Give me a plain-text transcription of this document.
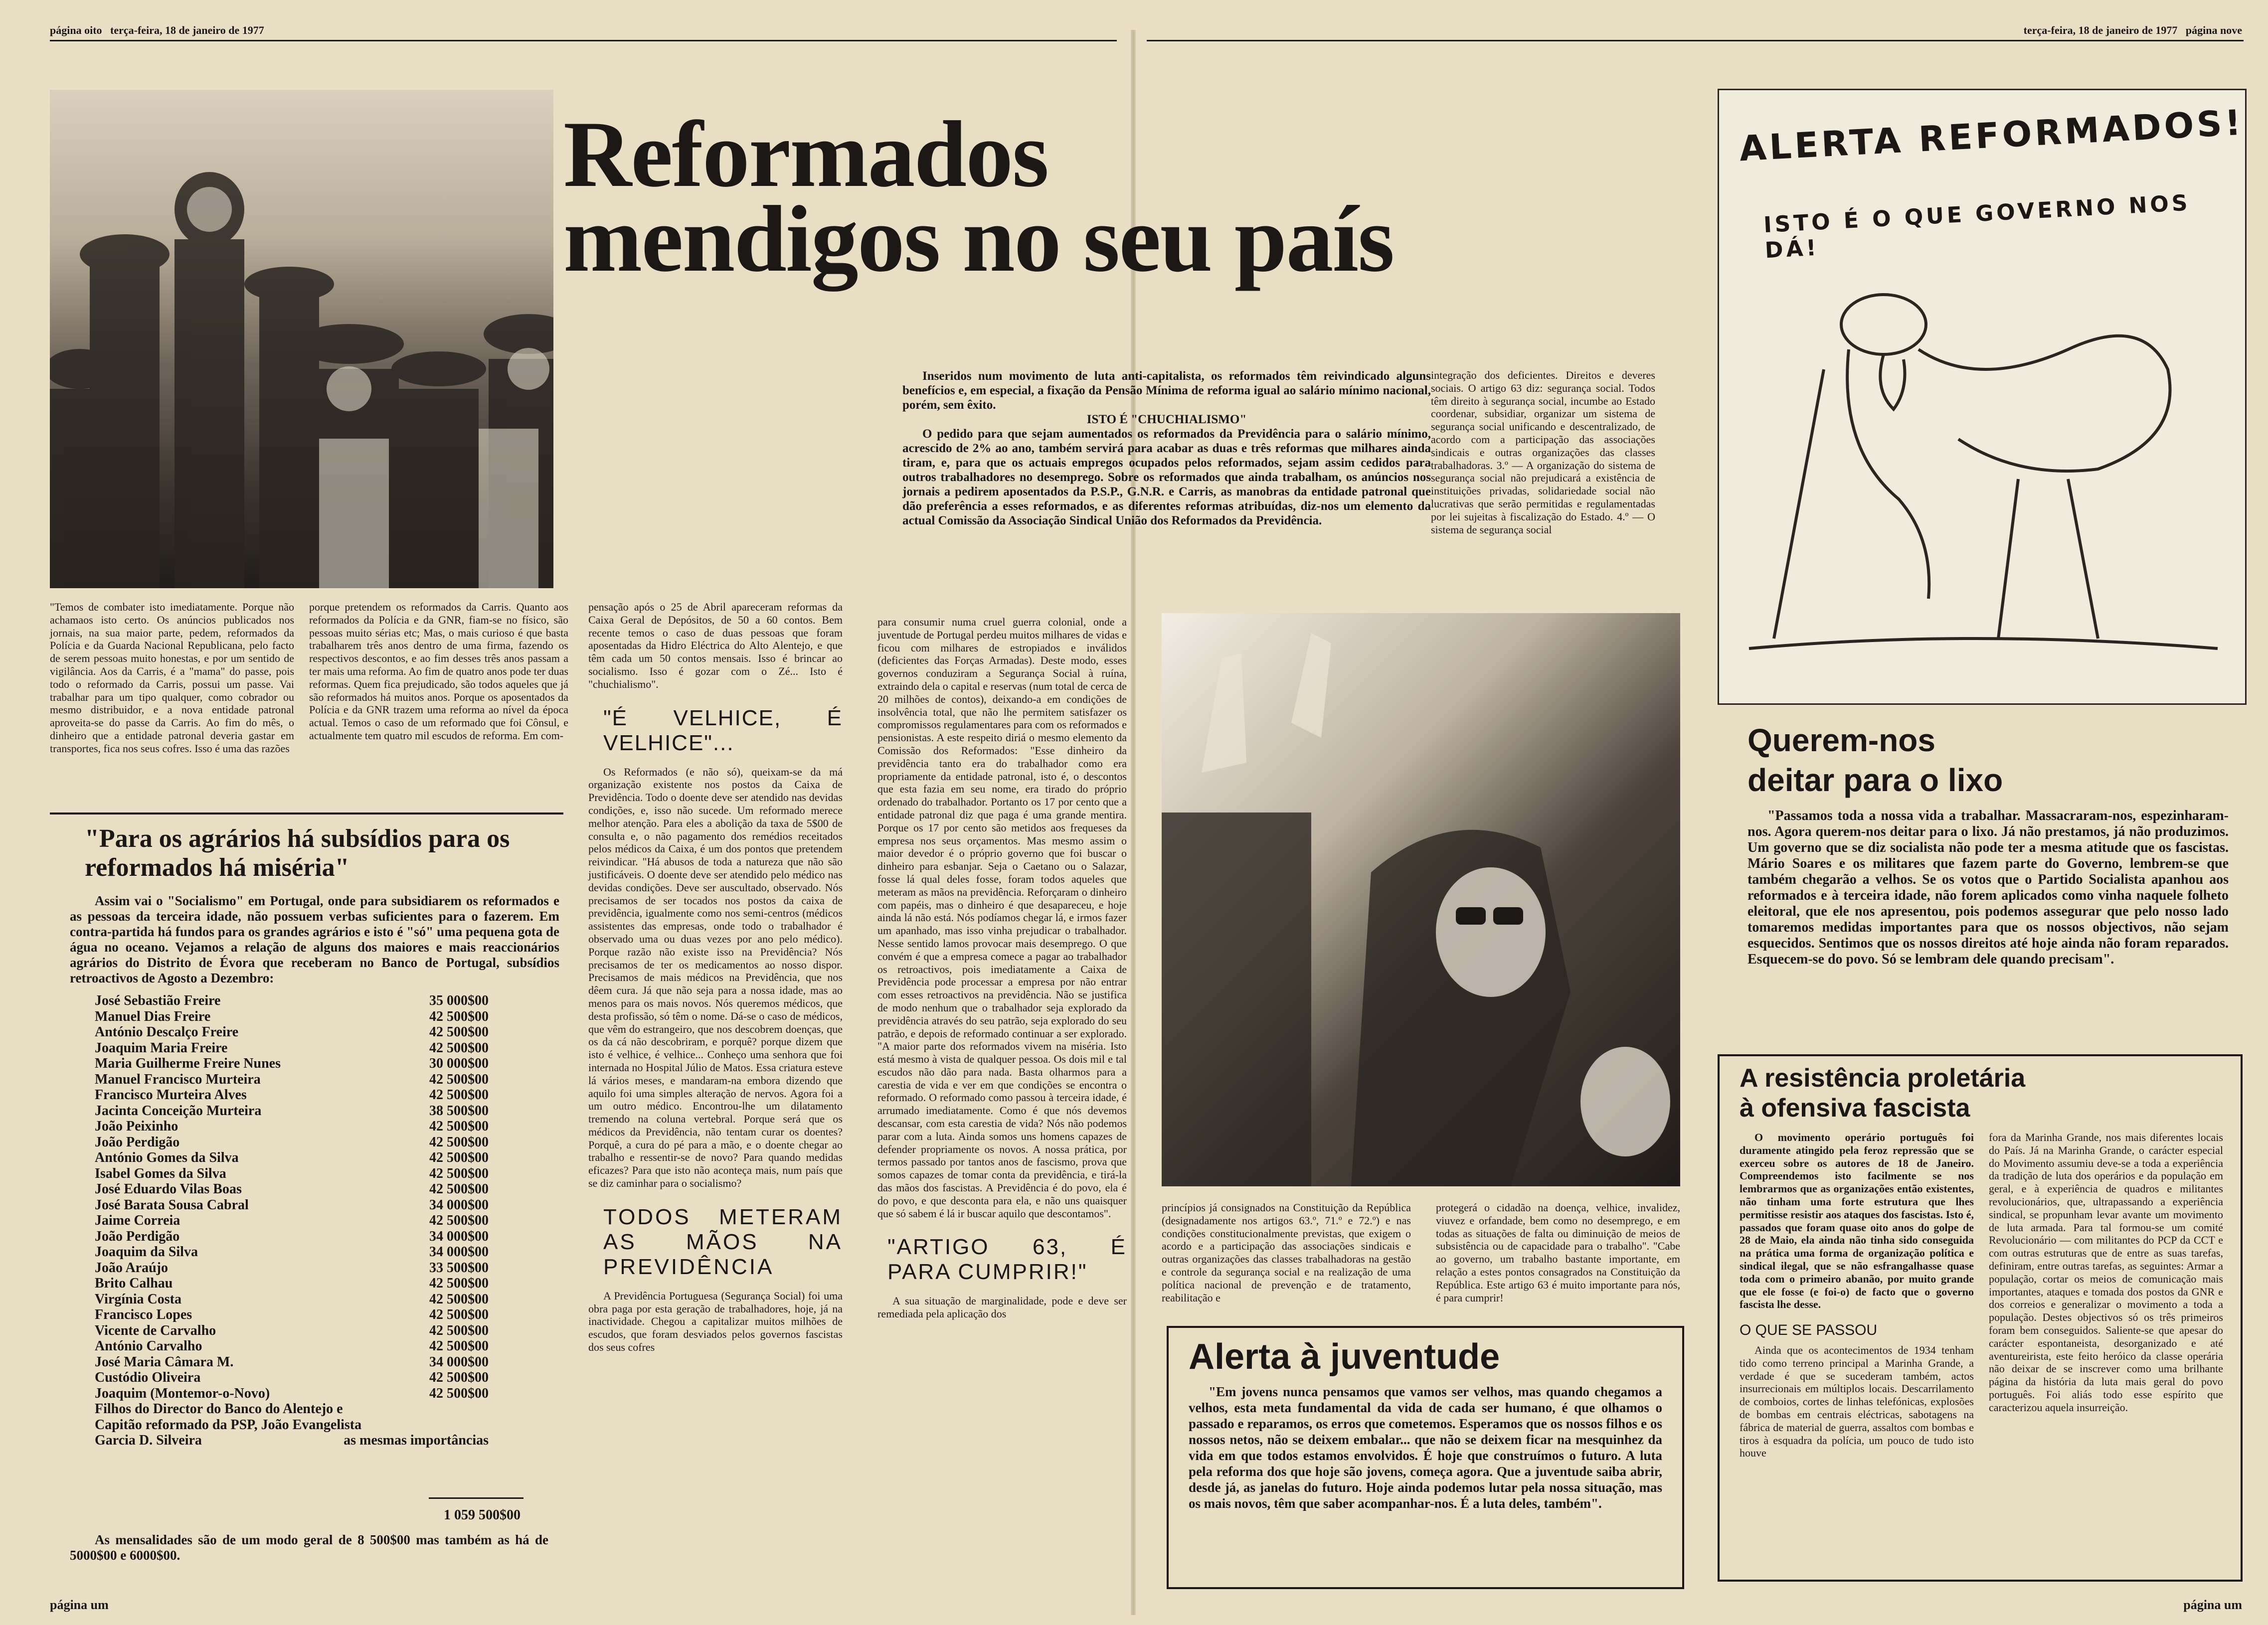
página oito terça-feira, 18 de janeiro de 1977	terça-feira, 18 de janeiro de 1977 página nove
Reformados
mendigos no seu país

Inseridos num movimento de luta anti-capitalista, os reformados têm reivindicado alguns benefícios e, em especial, a fixação da Pensão Mínima de reforma igual ao salário mínimo nacional, porém, sem êxito.

ISTO É "CHUCHIALISMO"

O pedido para que sejam aumentados os reformados da Previdência para o salário mínimo, acrescido de 2% ao ano, também servirá para acabar as duas e três reformas que milhares ainda tiram, e, para que os actuais empregos ocupados pelos reformados, sejam assim cedidos para outros trabalhadores no desemprego. Sobre os reformados que ainda trabalham, os anúncios nos jornais a pedirem aposentados da P.S.P., G.N.R. e Carris, as manobras da entidade patronal que dão preferência a esses reformados, e as diferentes reformas atribuídas, diz-nos um elemento da actual Comissão da Associação Sindical União dos Reformados da Previdência.

integração dos deficientes. Direitos e deveres sociais. O artigo 63 diz: segurança social. Todos têm direito à segurança social, incumbe ao Estado coordenar, subsidiar, organizar um sistema de segurança social unificando e descentralizado, de acordo com a participação das associações sindicais e outras organizações das classes trabalhadoras. 3.º — A organização do sistema de segurança social não prejudicará a existência de instituições privadas, solidariedade social não lucrativas que serão permitidas e regulamentadas por lei sujeitas à fiscalização do Estado. 4.º — O sistema de segurança social

"Temos de combater isto imediatamente. Porque não achamaos isto certo. Os anúncios publicados nos jornais, na sua maior parte, pedem, reformados da Polícia e da Guarda Nacional Republicana, pelo facto de serem pessoas muito honestas, e por um sentido de vigilância. Aos da Carris, é a "mama" do passe, pois todo o reformado da Carris, possui um passe. Vai trabalhar para um tipo qualquer, como cobrador ou mesmo distribuidor, e a nova entidade patronal aproveita-se do passe da Carris. Ao fim do mês, o dinheiro que a entidade patronal deveria gastar em transportes, fica nos seus cofres. Isso é uma das razões

porque pretendem os reformados da Carris. Quanto aos reformados da Polícia e da GNR, fiam-se no físico, são pessoas muito sérias etc; Mas, o mais curioso é que basta trabalharem três anos dentro de uma firma, fazendo os respectivos descontos, e ao fim desses três anos passam a ter mais uma reforma. Ao fim de quatro anos pode ter duas reformas. Quem fica prejudicado, são todos aqueles que já são reformados há muitos anos. Porque os aposentados da Polícia e da GNR trazem uma reforma ao nível da época actual. Temos o caso de um reformado que foi Cônsul, e actualmente tem quatro mil escudos de reforma. Em com-

"Para os agrários há subsídios para os reformados há miséria"
Assim vai o "Socialismo" em Portugal, onde para subsidiarem os reformados e as pessoas da terceira idade, não possuem verbas suficientes para o fazerem. Em contra-partida há fundos para os grandes agrários e isto é "só" uma pequena gota de água no oceano. Vejamos a relação de alguns dos maiores e mais reaccionários agrários do Distrito de Évora que receberam no Banco de Portugal, subsídios retroactivos de Agosto a Dezembro:
José Sebastião Freire	35 000$00
Manuel Dias Freire	42 500$00
António Descalço Freire	42 500$00
Joaquim Maria Freire	42 500$00
Maria Guilherme Freire Nunes	30 000$00
Manuel Francisco Murteira	42 500$00
Francisco Murteira Alves	42 500$00
Jacinta Conceição Murteira	38 500$00
João Peixinho	42 500$00
João Perdigão	42 500$00
António Gomes da Silva	42 500$00
Isabel Gomes da Silva	42 500$00
José Eduardo Vilas Boas	42 500$00
José Barata Sousa Cabral	34 000$00
Jaime Correia	42 500$00
João Perdigão	34 000$00
Joaquim da Silva	34 000$00
João Araújo	33 500$00
Brito Calhau	42 500$00
Virgínia Costa	42 500$00
Francisco Lopes	42 500$00
Vicente de Carvalho	42 500$00
António Carvalho	42 500$00
José Maria Câmara M.	34 000$00
Custódio Oliveira	42 500$00
Joaquim (Montemor-o-Novo)	42 500$00
Filhos do Director do Banco do Alentejo e
Capitão reformado da PSP, João Evangelista
Garcia D. Silveira	as mesmas importâncias
1 059 500$00
As mensalidades são de um modo geral de 8 500$00 mas também as há de 5000$00 e 6000$00.

pensação após o 25 de Abril apareceram reformas da Caixa Geral de Depósitos, de 50 a 60 contos. Bem recente temos o caso de duas pessoas que foram aposentadas da Hidro Eléctrica do Alto Alentejo, e que têm cada um 50 contos mensais. Isso é brincar ao socialismo. Isso é gozar com o Zé... Isto é "chuchialismo".

"É VELHICE, É VELHICE"...

Os Reformados (e não só), queixam-se da má organização existente nos postos da Caixa de Previdência. Todo o doente deve ser atendido nas devidas condições, e, isso não sucede. Um reformado merece melhor atenção. Para eles a abolição da taxa de 5$00 de consulta e, o não pagamento dos remédios receitados pelos médicos da Caixa, é um dos pontos que pretendem reivindicar. "Há abusos de toda a natureza que não são justificáveis. O doente deve ser atendido pelo médico nas devidas condições. Deve ser auscultado, observado. Nós precisamos de ser tocados nos postos da caixa de previdência, igualmente como nos semi-centros (médicos assistentes das empresas, onde todo o trabalhador é observado uma ou duas vezes por ano pelo médico). Porque razão não existe isso na Previdência? Nós precisamos de ter os medicamentos ao nosso dispor. Precisamos de mais médicos na Previdência, que nos dêem cura. Já que não seja para a nossa idade, mas ao menos para os mais novos. Nós queremos médicos, que desta profissão, só têm o nome. Dá-se o caso de médicos, que vêm do estrangeiro, que nos descobrem doenças, que os da cá não descobriram, e porquê? porque dizem que isto é velhice, é velhice... Conheço uma senhora que foi internada no Hospital Júlio de Matos. Essa criatura esteve lá vários meses, e mandaram-na embora dizendo que aquilo foi uma simples alteração de nervos. Agora foi a um outro médico. Encontrou-lhe um dilatamento tremendo na coluna vertebral. Porque será que os médicos da Previdência, não tentam curar os doentes? Porquê, a cura do pé para a mão, e o doente chegar ao trabalho e ressentir-se de novo? Para quando medidas eficazes? Para que isto não aconteça mais, num país que se diz caminhar para o socialismo?

TODOS METERAM AS MÃOS NA PREVIDÊNCIA

A Previdência Portuguesa (Segurança Social) foi uma obra paga por esta geração de trabalhadores, hoje, já na inactividade. Chegou a capitalizar muitos milhões de escudos, que foram desviados pelos governos fascistas dos seus cofres

para consumir numa cruel guerra colonial, onde a juventude de Portugal perdeu muitos milhares de vidas e ficou com milhares de estropiados e inválidos (deficientes das Forças Armadas). Deste modo, esses governos conduziram a Segurança Social à ruína, extraindo dela o capital e reservas (num total de cerca de 20 milhões de contos), deixando-a em condições de insolvência total, que não lhe permitem satisfazer os compromissos regulamentares para com os reformados e pensionistas. A este respeito diriá o mesmo elemento da Comissão dos Reformados: "Esse dinheiro da previdência tanto era do trabalhador como era propriamente da entidade patronal, isto é, o descontos que esta fazia em seu nome, era tirado do próprio ordenado do trabalhador. Portanto os 17 por cento que a entidade patronal diz que paga é uma grande mentira. Porque os 17 por cento são metidos aos frequeses da empresa nos seus orçamentos. Mas mesmo assim o maior devedor é o próprio governo que foi buscar o dinheiro para esbanjar. Seja o Caetano ou o Salazar, fosse lá qual deles fosse, foram todos aqueles que meteram as mãos na previdência. Reforçaram o dinheiro com papéis, mas o dinheiro é que desapareceu, e hoje ainda lá não está. Nós podíamos chegar lá, e irmos fazer um apanhado, mas isso vinha prejudicar o trabalhador. Nesse sentido lamos provocar mais desemprego. O que convém é que a empresa comece a pagar ao trabalhador os retroactivos, pois imediatamente a Caixa de Previdência pode processar a empresa por não entrar com esses retroactivos na previdência. Não se justifica de modo nenhum que o trabalhador seja explorado da previdência através do seu patrão, seja explorado do seu patrão, e depois de reformado continuar a ser explorado. "A maior parte dos reformados vivem na miséria. Isto está mesmo à vista de qualquer pessoa. Os dois mil e tal escudos não dão para nada. Basta olharmos para a carestia de vida e ver em que condições se encontra o reformado. O reformado como passou à terceira idade, é arrumado imediatamente. Como é que nós devemos descansar, com esta carestia de vida? Nós não podemos parar com a luta. Ainda somos uns homens capazes de defender propriamente os novos. A nossa prática, por termos passado por tantos anos de fascismo, prova que somos capazes de tomar conta da previdência, e tirá-la das mãos dos fascistas. A Previdência é do povo, ela é do povo, e que desconta para ela, e não uns quaisquer que só sabem é lá ir buscar aquilo que descontamos".

"ARTIGO 63, É PARA CUMPRIR!"

A sua situação de marginalidade, pode e deve ser remediada pela aplicação dos

princípios já consignados na Constituição da República (designadamente nos artigos 63.º, 71.º e 72.º) e nas condições constitucionalmente previstas, que exigem o acordo e a participação das associações sindicais e outras organizações das classes trabalhadoras na gestão e controle da segurança social e na realização de uma política nacional de prevenção e de tratamento, reabilitação e

protegerá o cidadão na doença, velhice, invalidez, viuvez e orfandade, bem como no desemprego, e em todas as situações de falta ou diminuição de meios de subsistência ou de capacidade para o trabalho". "Cabe ao governo, um trabalho bastante importante, em relação a estes pontos consagrados na Constituição da República. Este artigo 63 é muito importante para nós, é para cumprir!

Alerta à juventude
"Em jovens nunca pensamos que vamos ser velhos, mas quando chegamos a velhos, esta meta fundamental da vida de cada ser humano, é que olhamos o passado e reparamos, os erros que cometemos. Esperamos que os nossos filhos e os nossos netos, não se deixem embalar... que não se deixem ficar na mesquinhez da vida em que todos estamos envolvidos. É hoje que construímos o futuro. A luta pela reforma dos que hoje são jovens, começa agora. Que a juventude saiba abrir, desde já, as janelas do futuro. Hoje ainda podemos lutar pela nossa situação, mas os mais novos, têm que saber acompanhar-nos. É a luta deles, também".
ALERTA REFORMADOS!
ISTO É O QUE GOVERNO NOS DÁ!
Querem-nos
deitar para o lixo
"Passamos toda a nossa vida a trabalhar. Massacraram-nos, espezinharam-nos. Agora querem-nos deitar para o lixo. Já não prestamos, já não produzimos. Um governo que se diz socialista não pode ter a mesma atitude que os fascistas. Mário Soares e os militares que fazem parte do Governo, lembrem-se que também chegarão a velhos. Se os votos que o Partido Socialista apanhou aos reformados e à terceira idade, não forem aplicados como vinha naquele folheto eleitoral, que ele nos apresentou, pois podemos assegurar que pelo nosso lado tomaremos medidas importantes para que os nossos objectivos, não sejam esquecidos. Sentimos que os nossos direitos até hoje ainda não foram reparados. Esquecem-se do povo. Só se lembram dele quando precisam".
A resistência proletária
à ofensiva fascista

O movimento operário português foi duramente atingido pela feroz repressão que se exerceu sobre os autores de 18 de Janeiro. Compreendemos isto facilmente se nos lembrarmos que as organizações então existentes, não tinham uma forte estrutura que lhes permitisse resistir aos ataques dos fascistas. Isto é, passados que foram quase oito anos do golpe de 28 de Maio, ela ainda não tinha sido conseguida na prática uma forma de organização política e sindical ilegal, que se não esfrangalhasse quase toda com o primeiro abanão, por muito grande que ele fosse (e foi-o) de facto que o governo fascista lhe desse.

O QUE SE PASSOU

Ainda que os acontecimentos de 1934 tenham tido como terreno principal a Marinha Grande, a verdade é que se sucederam também, actos insurrecionais em múltiplos locais. Descarrilamento de comboios, cortes de linhas telefónicas, explosões de bombas em centrais eléctricas, sabotagens na fábrica de material de guerra, assaltos com bombas e tiros à esquadra da polícia, um pouco de tudo isto houve

fora da Marinha Grande, nos mais diferentes locais do País. Já na Marinha Grande, o carácter especial do Movimento assumiu deve-se a toda a experiência da tradição de luta dos operários e da população em geral, e à experiência de quadros e militantes revolucionários, que, ultrapassando a experiência sindical, se propunham levar avante um movimento de luta armada. Para tal formou-se um comité Revolucionário — com militantes do PCP da CCT e com outras estruturas que de entre as suas tarefas, definiram, entre outras tarefas, as seguintes: Armar a população, cortar os meios de comunicação mais importantes, ataques e tomada dos postos da GNR e dos correios e generalizar o movimento a toda a população. Destes objectivos só os três primeiros foram bem conseguidos. Saliente-se que apesar do carácter espontaneista, desorganizado e até aventureirista, este feito heróico da classe operária não deixar de se inscrever como uma brilhante página da história da luta mais geral do povo português. Foi aliás todo esse espírito que caracterizou aquela insurreição.

página um	página um
